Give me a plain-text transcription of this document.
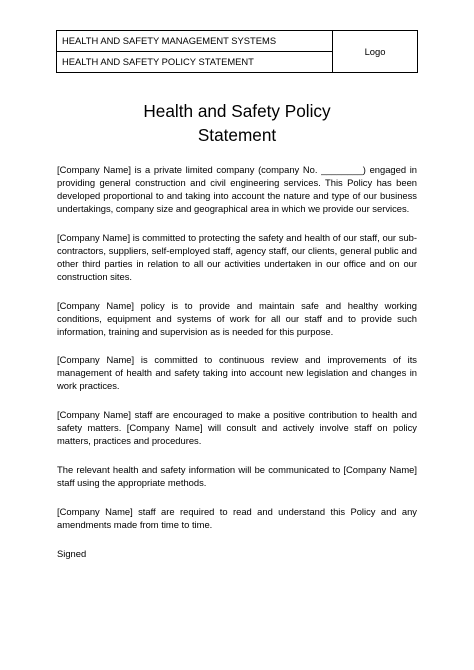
HEALTH AND SAFETY MANAGEMENT SYSTEMS	Logo
HEALTH AND SAFETY POLICY STATEMENT
Health and Safety Policy
Statement

[Company Name] is a private limited company (company No. ________) engaged in providing general construction and civil engineering services. This Policy has been developed proportional to and taking into account the nature and type of our business undertakings, company size and geographical area in which we provide our services.

[Company Name] is committed to protecting the safety and health of our staff, our sub-contractors, suppliers, self-employed staff, agency staff, our clients, general public and other third parties in relation to all our activities undertaken in our office and on our construction sites.

[Company Name] policy is to provide and maintain safe and healthy working conditions, equipment and systems of work for all our staff and to provide such information, training and supervision as is needed for this purpose.

[Company Name] is committed to continuous review and improvements of its management of health and safety taking into account new legislation and changes in work practices.

[Company Name] staff are encouraged to make a positive contribution to health and safety matters. [Company Name] will consult and actively involve staff on policy matters, practices and procedures.

The relevant health and safety information will be communicated to [Company Name] staff using the appropriate methods.

[Company Name] staff are required to read and understand this Policy and any amendments made from time to time.

Signed
